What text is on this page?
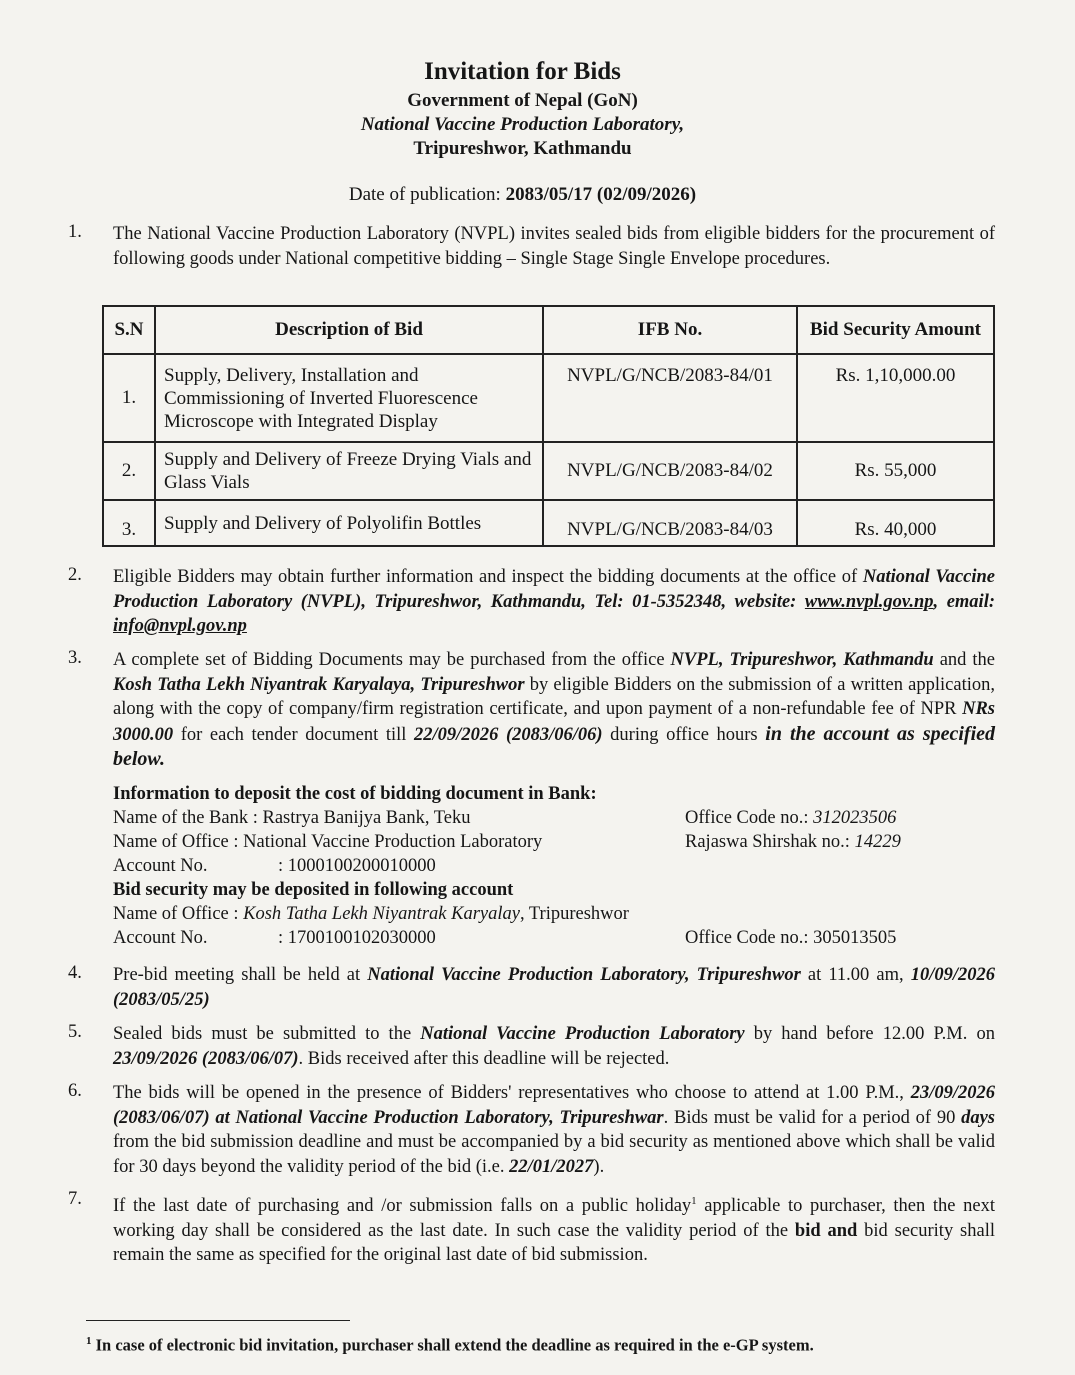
Invitation for Bids
Government of Nepal (GoN)
National Vaccine Production Laboratory,
Tripureshwor, Kathmandu
Date of publication: 2083/05/17 (02/09/2026)
1. The National Vaccine Production Laboratory (NVPL) invites sealed bids from eligible bidders for the procurement of following goods under National competitive bidding – Single Stage Single Envelope procedures.
S.N	Description of Bid	IFB No.	Bid Security Amount
1.	Supply, Delivery, Installation and Commissioning of Inverted Fluorescence Microscope with Integrated Display	NVPL/G/NCB/2083-84/01	Rs. 1,10,000.00
2.	Supply and Delivery of Freeze Drying Vials and Glass Vials	NVPL/G/NCB/2083-84/02	Rs. 55,000
3.	Supply and Delivery of Polyolifin Bottles	NVPL/G/NCB/2083-84/03	Rs. 40,000
2. Eligible Bidders may obtain further information and inspect the bidding documents at the office of National Vaccine Production Laboratory (NVPL), Tripureshwor, Kathmandu, Tel: 01-5352348, website: www.nvpl.gov.np, email: info@nvpl.gov.np
3. A complete set of Bidding Documents may be purchased from the office NVPL, Tripureshwor, Kathmandu and the Kosh Tatha Lekh Niyantrak Karyalaya, Tripureshwor by eligible Bidders on the submission of a written application, along with the copy of company/firm registration certificate, and upon payment of a non-refundable fee of NPR NRs 3000.00 for each tender document till 22/09/2026 (2083/06/06) during office hours in the account as specified below.
Information to deposit the cost of bidding document in Bank:
Name of the Bank : Rastrya Banijya Bank, Teku	Office Code no.: 312023506
Name of Office : National Vaccine Production Laboratory	Rajaswa Shirshak no.: 14229
Account No.	: 1000100200010000
Bid security may be deposited in following account
Name of Office : Kosh Tatha Lekh Niyantrak Karyalay, Tripureshwor
Account No.	: 1700100102030000	Office Code no.: 305013505
4. Pre-bid meeting shall be held at National Vaccine Production Laboratory, Tripureshwor at 11.00 am, 10/09/2026 (2083/05/25)
5. Sealed bids must be submitted to the National Vaccine Production Laboratory by hand before 12.00 P.M. on 23/09/2026 (2083/06/07). Bids received after this deadline will be rejected.
6. The bids will be opened in the presence of Bidders' representatives who choose to attend at 1.00 P.M., 23/09/2026 (2083/06/07) at National Vaccine Production Laboratory, Tripureshwar. Bids must be valid for a period of 90 days from the bid submission deadline and must be accompanied by a bid security as mentioned above which shall be valid for 30 days beyond the validity period of the bid (i.e. 22/01/2027).
7. If the last date of purchasing and /or submission falls on a public holiday$^1$ applicable to purchaser, then the next working day shall be considered as the last date. In such case the validity period of the bid and bid security shall remain the same as specified for the original last date of bid submission.
$^1$ In case of electronic bid invitation, purchaser shall extend the deadline as required in the e-GP system.
